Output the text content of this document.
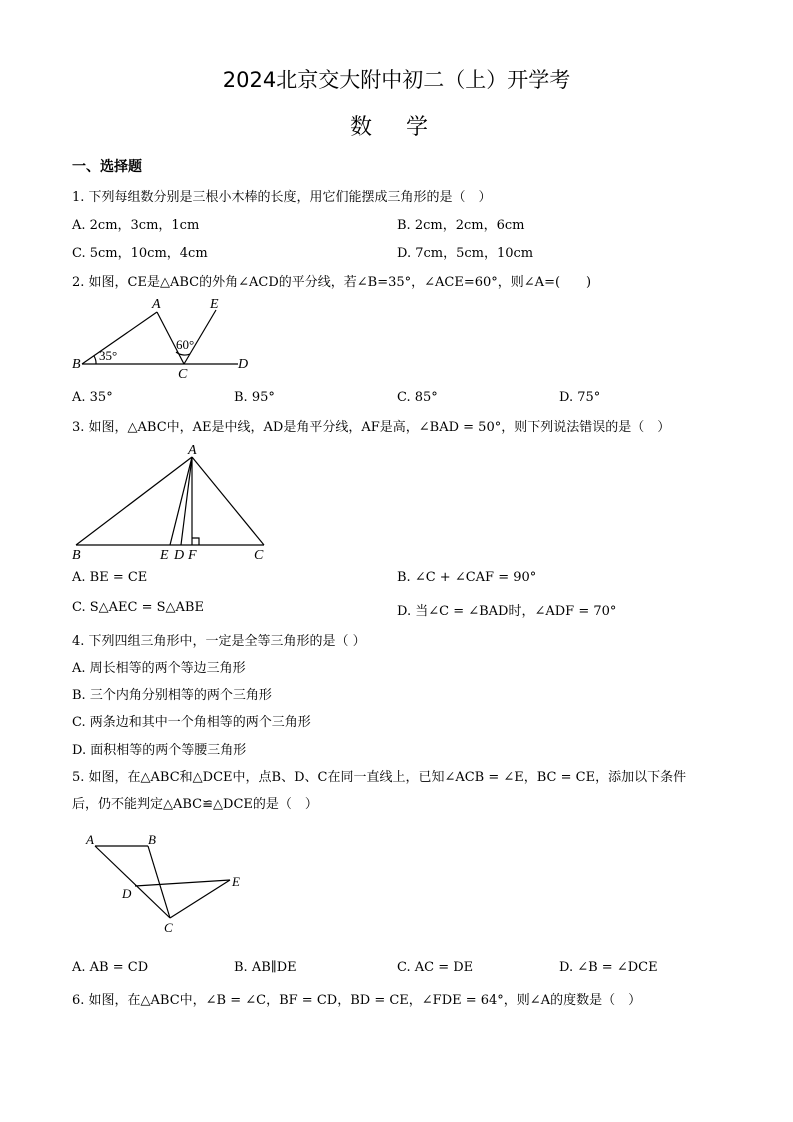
2024北京交大附中初二（上）开学考
数学
一、选择题
1. 下列每组数分别是三根小木棒的长度，用它们能摆成三角形的是（　）
A. 2cm，3cm，1cm	B. 2cm，2cm，6cm
C. 5cm，10cm，4cm	D. 7cm，5cm，10cm
2. 如图，CE是△ABC的外角∠ACD的平分线，若∠B=35°，∠ACE=60°，则∠A=(　　)
A	E
B
C
D
35°
60°
A. 35°	B. 95°	C. 85°	D. 75°
3. 如图，△ABC中，AE是中线，AD是角平分线，AF是高，∠BAD = 50°，则下列说法错误的是（　）
A
B	C
E D F
A. BE = CE	B. ∠C + ∠CAF = 90°
C. S△AEC = S△ABE	D. 当∠C = ∠BAD时，∠ADF = 70°
4. 下列四组三角形中，一定是全等三角形的是（ ）
A. 周长相等的两个等边三角形
B. 三个内角分别相等的两个三角形
C. 两条边和其中一个角相等的两个三角形
D. 面积相等的两个等腰三角形
5. 如图，在△ABC和△DCE中，点B、D、C在同一直线上，已知∠ACB = ∠E，BC = CE，添加以下条件
后，仍不能判定△ABC≌△DCE的是（　）
A	B
E
D
C
A. AB = CD	B. AB∥DE	C. AC = DE	D. ∠B = ∠DCE
6. 如图，在△ABC中，∠B = ∠C，BF = CD，BD = CE，∠FDE = 64°，则∠A的度数是（　）
